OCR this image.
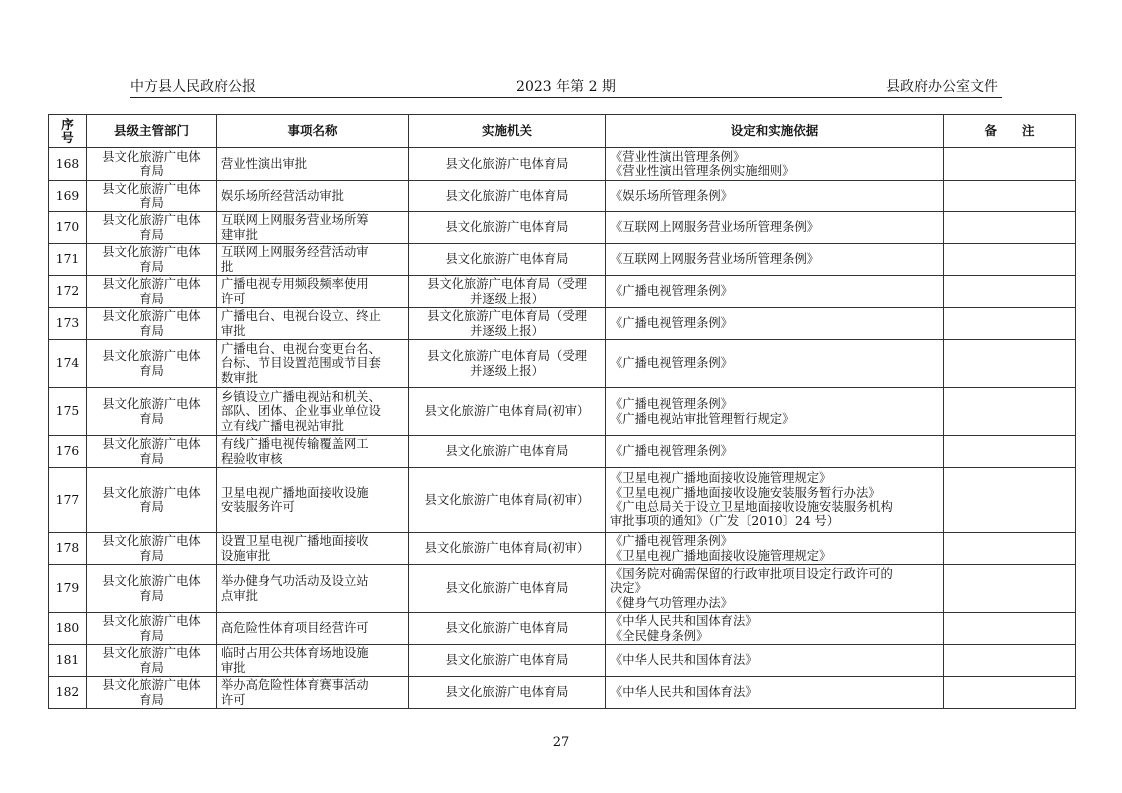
中方县人民政府公报	2023 年第 2 期	县政府办公室文件
序
号	县级主管部门	事项名称	实施机关	设定和实施依据	备　　注

168	县文化旅游广电体
育局	营业性演出审批	县文化旅游广电体育局	《营业性演出管理条例》
《营业性演出管理条例实施细则》	

169	县文化旅游广电体
育局	娱乐场所经营活动审批	县文化旅游广电体育局	《娱乐场所管理条例》	

170	县文化旅游广电体
育局	互联网上网服务营业场所筹
建审批	县文化旅游广电体育局	《互联网上网服务营业场所管理条例》	

171	县文化旅游广电体
育局	互联网上网服务经营活动审
批	县文化旅游广电体育局	《互联网上网服务营业场所管理条例》	

172	县文化旅游广电体
育局	广播电视专用频段频率使用
许可	县文化旅游广电体育局（受理
并逐级上报）	《广播电视管理条例》	

173	县文化旅游广电体
育局	广播电台、电视台设立、终止
审批	县文化旅游广电体育局（受理
并逐级上报）	《广播电视管理条例》	

174	县文化旅游广电体
育局	广播电台、电视台变更台名、
台标、节目设置范围或节目套
数审批	县文化旅游广电体育局（受理
并逐级上报）	《广播电视管理条例》	

175	县文化旅游广电体
育局	乡镇设立广播电视站和机关、
部队、团体、企业事业单位设
立有线广播电视站审批	县文化旅游广电体育局(初审）	《广播电视管理条例》
《广播电视站审批管理暂行规定》	

176	县文化旅游广电体
育局	有线广播电视传输覆盖网工
程验收审核	县文化旅游广电体育局	《广播电视管理条例》	

177	县文化旅游广电体
育局	卫星电视广播地面接收设施
安装服务许可	县文化旅游广电体育局(初审）	《卫星电视广播地面接收设施管理规定》
《卫星电视广播地面接收设施安装服务暂行办法》
《广电总局关于设立卫星地面接收设施安装服务机构
审批事项的通知》（广发〔2010〕24 号）	

178	县文化旅游广电体
育局	设置卫星电视广播地面接收
设施审批	县文化旅游广电体育局(初审）	《广播电视管理条例》
《卫星电视广播地面接收设施管理规定》	

179	县文化旅游广电体
育局	举办健身气功活动及设立站
点审批	县文化旅游广电体育局	《国务院对确需保留的行政审批项目设定行政许可的
决定》
《健身气功管理办法》	

180	县文化旅游广电体
育局	高危险性体育项目经营许可	县文化旅游广电体育局	《中华人民共和国体育法》
《全民健身条例》	

181	县文化旅游广电体
育局	临时占用公共体育场地设施
审批	县文化旅游广电体育局	《中华人民共和国体育法》	

182	县文化旅游广电体
育局	举办高危险性体育赛事活动
许可	县文化旅游广电体育局	《中华人民共和国体育法》	

27
